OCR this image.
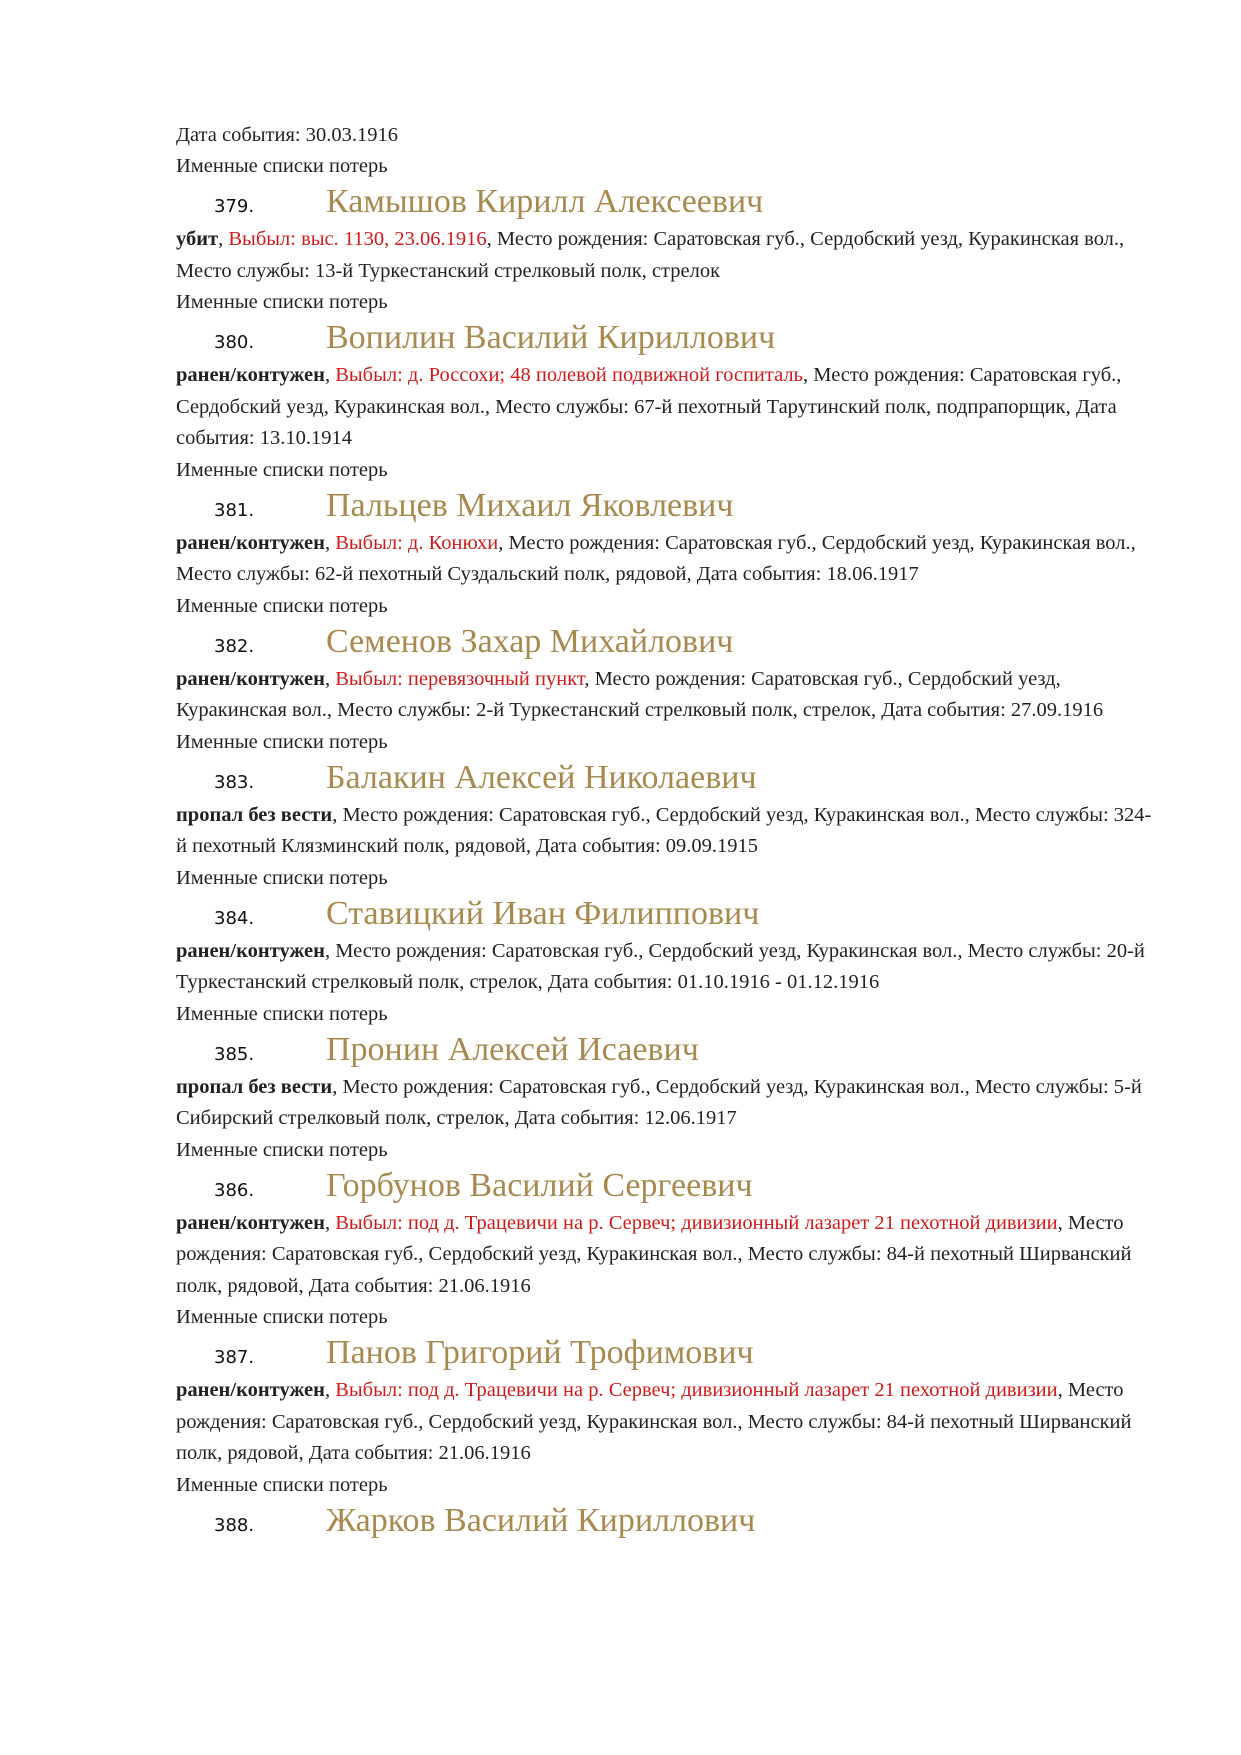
Дата события: 30.03.1916

Именные списки потерь

379.	Камышов Кирилл Алексеевич

убит, Выбыл: выс. 1130, 23.06.1916, Место рождения: Саратовская губ., Сердобский уезд, Куракинская вол., Место службы: 13-й Туркестанский стрелковый полк, стрелок

Именные списки потерь

380.	Вопилин Василий Кириллович

ранен/контужен, Выбыл: д. Россохи; 48 полевой подвижной госпиталь, Место рождения: Саратовская губ., Сердобский уезд, Куракинская вол., Место службы: 67-й пехотный Тарутинский полк, подпрапорщик, Дата события: 13.10.1914

Именные списки потерь

381.	Пальцев Михаил Яковлевич

ранен/контужен, Выбыл: д. Конюхи, Место рождения: Саратовская губ., Сердобский уезд, Куракинская вол., Место службы: 62-й пехотный Суздальский полк, рядовой, Дата события: 18.06.1917

Именные списки потерь

382.	Семенов Захар Михайлович

ранен/контужен, Выбыл: перевязочный пункт, Место рождения: Саратовская губ., Сердобский уезд, Куракинская вол., Место службы: 2-й Туркестанский стрелковый полк, стрелок, Дата события: 27.09.1916

Именные списки потерь

383.	Балакин Алексей Николаевич

пропал без вести, Место рождения: Саратовская губ., Сердобский уезд, Куракинская вол., Место службы: 324-й пехотный Клязминский полк, рядовой, Дата события: 09.09.1915

Именные списки потерь

384.	Ставицкий Иван Филиппович

ранен/контужен, Место рождения: Саратовская губ., Сердобский уезд, Куракинская вол., Место службы: 20-й Туркестанский стрелковый полк, стрелок, Дата события: 01.10.1916 - 01.12.1916

Именные списки потерь

385.	Пронин Алексей Исаевич

пропал без вести, Место рождения: Саратовская губ., Сердобский уезд, Куракинская вол., Место службы: 5-й Сибирский стрелковый полк, стрелок, Дата события: 12.06.1917

Именные списки потерь

386.	Горбунов Василий Сергеевич

ранен/контужен, Выбыл: под д. Трацевичи на р. Сервеч; дивизионный лазарет 21 пехотной дивизии, Место рождения: Саратовская губ., Сердобский уезд, Куракинская вол., Место службы: 84-й пехотный Ширванский полк, рядовой, Дата события: 21.06.1916

Именные списки потерь

387.	Панов Григорий Трофимович

ранен/контужен, Выбыл: под д. Трацевичи на р. Сервеч; дивизионный лазарет 21 пехотной дивизии, Место рождения: Саратовская губ., Сердобский уезд, Куракинская вол., Место службы: 84-й пехотный Ширванский полк, рядовой, Дата события: 21.06.1916

Именные списки потерь

388.	Жарков Василий Кириллович
